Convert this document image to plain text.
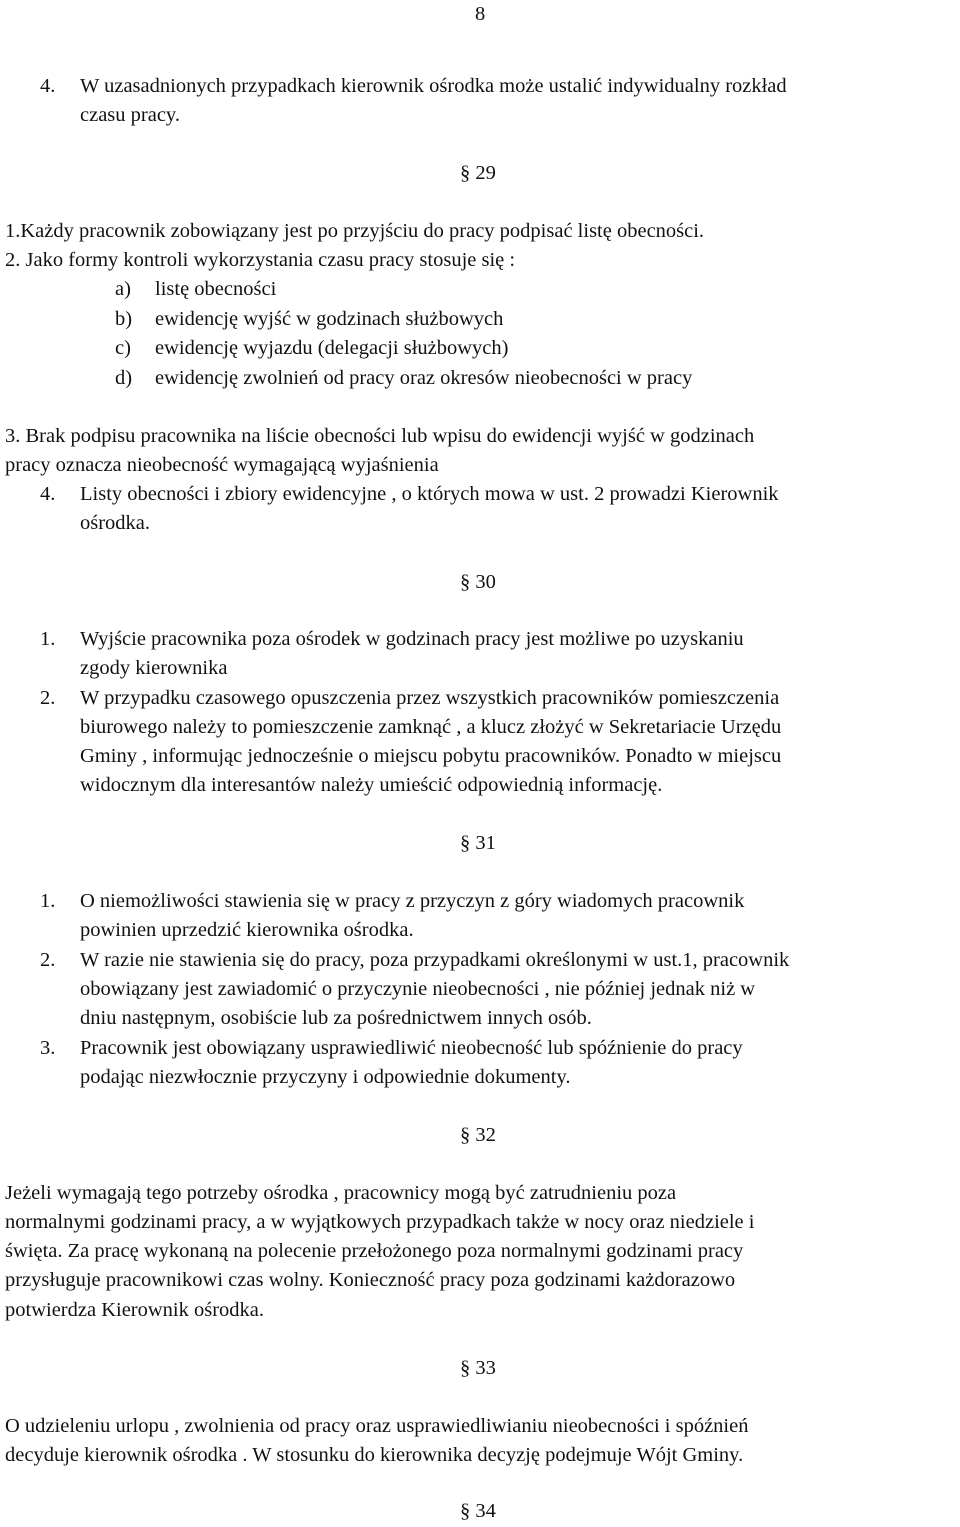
8
4. W uzasadnionych przypadkach kierownik ośrodka może ustalić indywidualny rozkład
czasu pracy.
§ 29
1.Każdy pracownik zobowiązany jest po przyjściu do pracy podpisać listę obecności.
2. Jako formy kontroli wykorzystania czasu pracy stosuje się :
a) listę obecności
b) ewidencję wyjść w godzinach służbowych
c) ewidencję wyjazdu (delegacji służbowych)
d) ewidencję zwolnień od pracy oraz okresów nieobecności w pracy
3. Brak podpisu pracownika na liście obecności lub wpisu do ewidencji wyjść w godzinach
pracy oznacza nieobecność wymagającą wyjaśnienia
4. Listy obecności i zbiory ewidencyjne , o których mowa w ust. 2 prowadzi Kierownik
ośrodka.
§ 30
1. Wyjście pracownika poza ośrodek w godzinach pracy jest możliwe po uzyskaniu
zgody kierownika
2. W przypadku czasowego opuszczenia przez wszystkich pracowników pomieszczenia
biurowego należy to pomieszczenie zamknąć , a klucz złożyć w Sekretariacie Urzędu
Gminy , informując jednocześnie o miejscu pobytu pracowników. Ponadto w miejscu
widocznym dla interesantów należy umieścić odpowiednią informację.
§ 31
1. O niemożliwości stawienia się w pracy z przyczyn z góry wiadomych pracownik
powinien uprzedzić kierownika ośrodka.
2. W razie nie stawienia się do pracy, poza przypadkami określonymi w ust.1, pracownik
obowiązany jest zawiadomić o przyczynie nieobecności , nie później jednak niż w
dniu następnym, osobiście lub za pośrednictwem innych osób.
3. Pracownik jest obowiązany usprawiedliwić nieobecność lub spóźnienie do pracy
podając niezwłocznie przyczyny i odpowiednie dokumenty.
§ 32
Jeżeli wymagają tego potrzeby ośrodka , pracownicy mogą być zatrudnieniu poza
normalnymi godzinami pracy, a w wyjątkowych przypadkach także w nocy oraz niedziele i
święta. Za pracę wykonaną na polecenie przełożonego poza normalnymi godzinami pracy
przysługuje pracownikowi czas wolny. Konieczność pracy poza godzinami każdorazowo
potwierdza Kierownik ośrodka.
§ 33
O udzieleniu urlopu , zwolnienia od pracy oraz usprawiedliwianiu nieobecności i spóźnień
decyduje kierownik ośrodka . W stosunku do kierownika decyzję podejmuje Wójt Gminy.
§ 34
